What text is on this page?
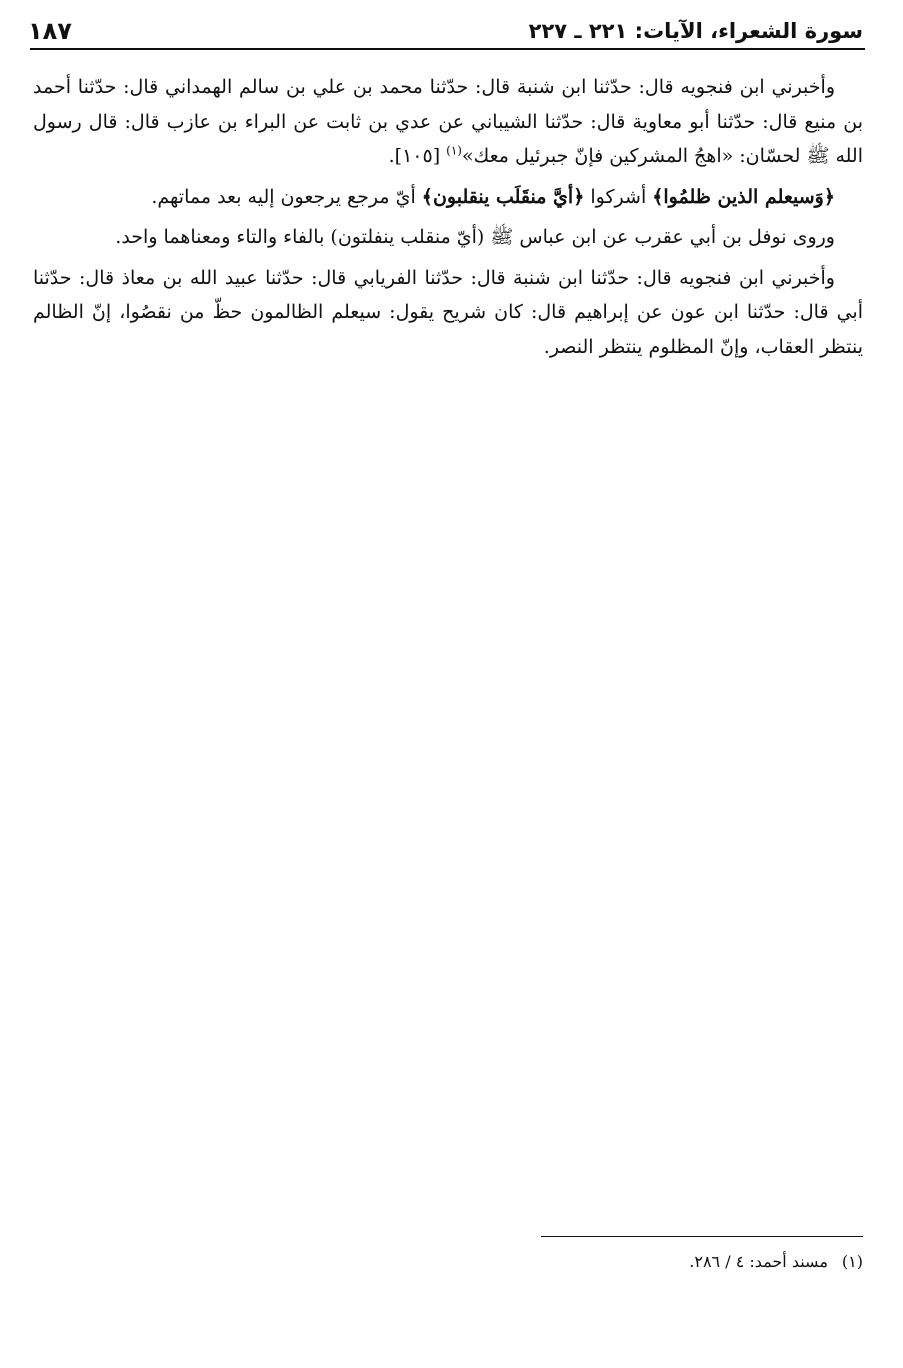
سورة الشعراء، الآيات: ٢٢١ ـ ٢٢٧
١٨٧

وأخبرني ابن فنجويه قال: حدّثنا ابن شنبة قال: حدّثنا محمد بن علي بن سالم الهمداني قال: حدّثنا أحمد بن منيع قال: حدّثنا أبو معاوية قال: حدّثنا الشيباني عن عدي بن ثابت عن البراء بن عازب قال: قال رسول الله ﷺ لحسّان: «اهجُ المشركين فإنّ جبرئيل معك»$^{(١)}$ [١٠٥].

﴿وَسيعلم الذين ظلمُوا﴾ أشركوا ﴿أيَّ منقَلَب ينقلبون﴾ أيّ مرجع يرجعون إليه بعد مماتهم.

وروى نوفل بن أبي عقرب عن ابن عباس ﷺ (أيّ منقلب ينفلتون) بالفاء والتاء ومعناهما واحد.

وأخبرني ابن فنجويه قال: حدّثنا ابن شنبة قال: حدّثنا الفريابي قال: حدّثنا عبيد الله بن معاذ قال: حدّثنا أبي قال: حدّثنا ابن عون عن إبراهيم قال: كان شريح يقول: سيعلم الظالمون حظّ من نقصُوا، إنّ الظالم ينتظر العقاب، وإنّ المظلوم ينتظر النصر.

(١)مسند أحمد: ٤ / ٢٨٦.
